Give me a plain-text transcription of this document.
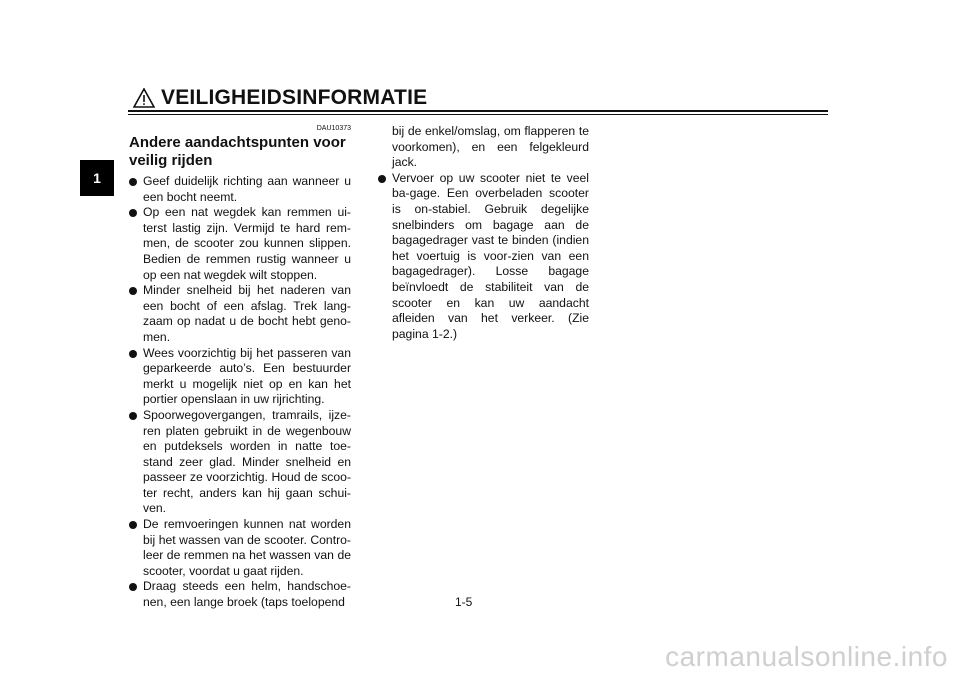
VEILIGHEIDSINFORMATIE
1
DAU10373
Andere aandachtspunten voor veilig rijden
Geef duidelijk richting aan wanneer u een bocht neemt.
Op een nat wegdek kan remmen ui-terst lastig zijn. Vermijd te hard rem-men, de scooter zou kunnen slippen. Bedien de remmen rustig wanneer u op een nat wegdek wilt stoppen.
Minder snelheid bij het naderen van een bocht of een afslag. Trek lang-zaam op nadat u de bocht hebt geno-men.
Wees voorzichtig bij het passeren van geparkeerde auto’s. Een bestuurder merkt u mogelijk niet op en kan het portier openslaan in uw rijrichting.
Spoorwegovergangen, tramrails, ijze-ren platen gebruikt in de wegenbouw en putdeksels worden in natte toe-stand zeer glad. Minder snelheid en passeer ze voorzichtig. Houd de scoo-ter recht, anders kan hij gaan schui-ven.
De remvoeringen kunnen nat worden bij het wassen van de scooter. Contro-leer de remmen na het wassen van de scooter, voordat u gaat rijden.
Draag steeds een helm, handschoe-nen, een lange broek (taps toelopend
bij de enkel/omslag, om flapperen te voorkomen), en een felgekleurd jack.
Vervoer op uw scooter niet te veel ba-gage. Een overbeladen scooter is on-stabiel. Gebruik degelijke snelbinders om bagage aan de bagagedrager vast te binden (indien het voertuig is voor-zien van een bagagedrager). Losse bagage beïnvloedt de stabiliteit van de scooter en kan uw aandacht afleiden van het verkeer. (Zie pagina 1-2.)
1-5
carmanualsonline.info
